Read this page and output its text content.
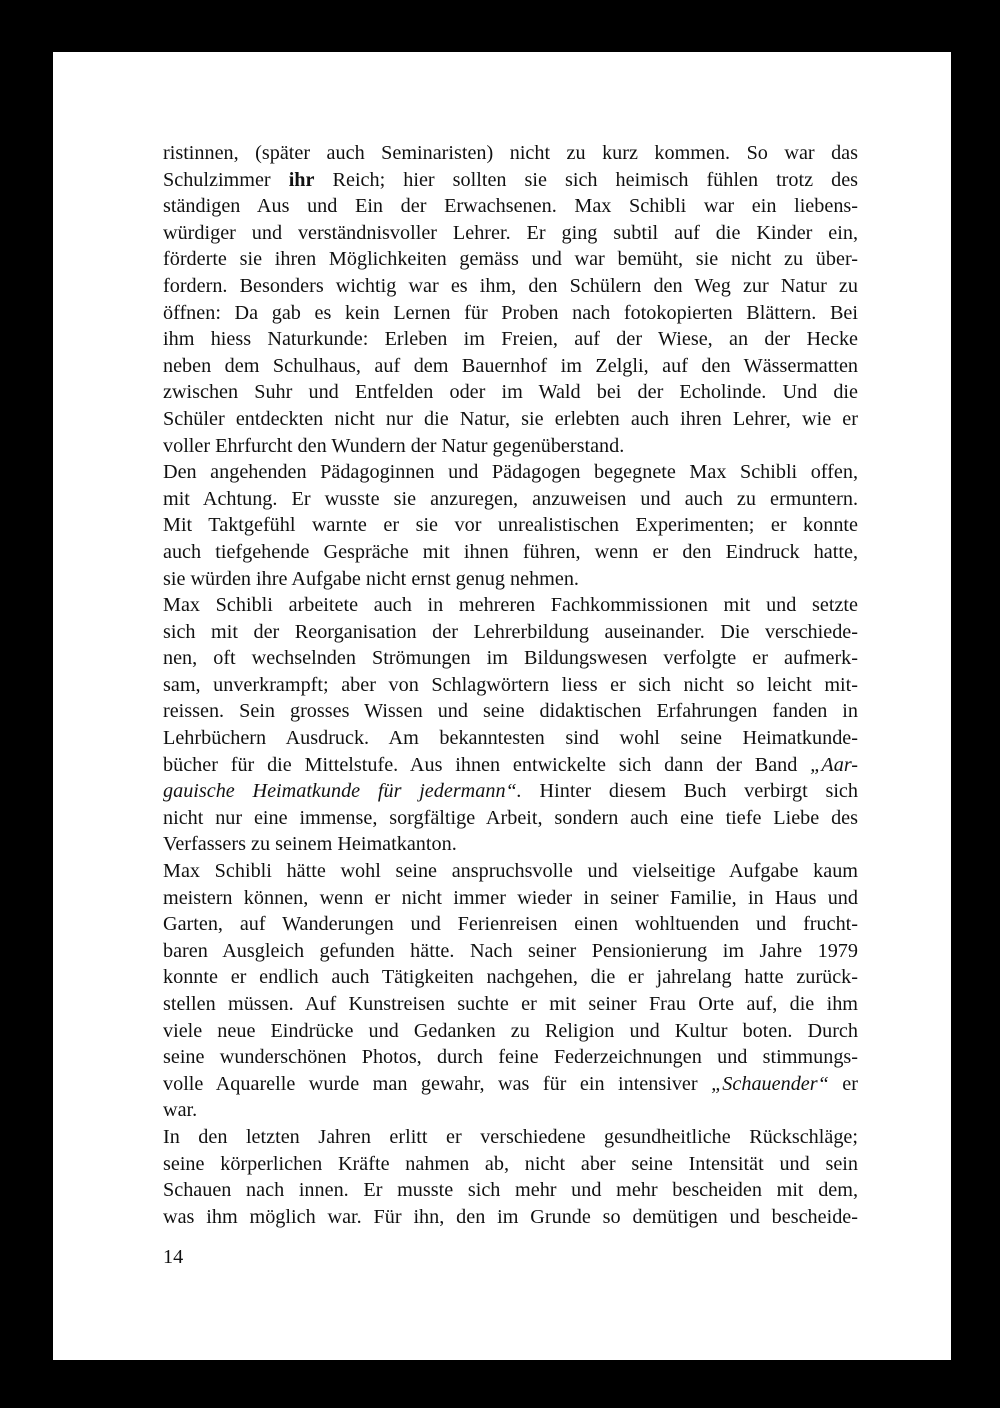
ristinnen, (später auch Seminaristen) nicht zu kurz kommen. So war das
Schulzimmer ihr Reich; hier sollten sie sich heimisch fühlen trotz des
ständigen Aus und Ein der Erwachsenen. Max Schibli war ein liebens-
würdiger und verständnisvoller Lehrer. Er ging subtil auf die Kinder ein,
förderte sie ihren Möglichkeiten gemäss und war bemüht, sie nicht zu über-
fordern. Besonders wichtig war es ihm, den Schülern den Weg zur Natur zu
öffnen: Da gab es kein Lernen für Proben nach fotokopierten Blättern. Bei
ihm hiess Naturkunde: Erleben im Freien, auf der Wiese, an der Hecke
neben dem Schulhaus, auf dem Bauernhof im Zelgli, auf den Wässermatten
zwischen Suhr und Entfelden oder im Wald bei der Echolinde. Und die
Schüler entdeckten nicht nur die Natur, sie erlebten auch ihren Lehrer, wie er
voller Ehrfurcht den Wundern der Natur gegenüberstand.
Den angehenden Pädagoginnen und Pädagogen begegnete Max Schibli offen,
mit Achtung. Er wusste sie anzuregen, anzuweisen und auch zu ermuntern.
Mit Taktgefühl warnte er sie vor unrealistischen Experimenten; er konnte
auch tiefgehende Gespräche mit ihnen führen, wenn er den Eindruck hatte,
sie würden ihre Aufgabe nicht ernst genug nehmen.
Max Schibli arbeitete auch in mehreren Fachkommissionen mit und setzte
sich mit der Reorganisation der Lehrerbildung auseinander. Die verschiede-
nen, oft wechselnden Strömungen im Bildungswesen verfolgte er aufmerk-
sam, unverkrampft; aber von Schlagwörtern liess er sich nicht so leicht mit-
reissen. Sein grosses Wissen und seine didaktischen Erfahrungen fanden in
Lehrbüchern Ausdruck. Am bekanntesten sind wohl seine Heimatkunde-
bücher für die Mittelstufe. Aus ihnen entwickelte sich dann der Band „Aar-
gauische Heimatkunde für jedermann“. Hinter diesem Buch verbirgt sich
nicht nur eine immense, sorgfältige Arbeit, sondern auch eine tiefe Liebe des
Verfassers zu seinem Heimatkanton.
Max Schibli hätte wohl seine anspruchsvolle und vielseitige Aufgabe kaum
meistern können, wenn er nicht immer wieder in seiner Familie, in Haus und
Garten, auf Wanderungen und Ferienreisen einen wohltuenden und frucht-
baren Ausgleich gefunden hätte. Nach seiner Pensionierung im Jahre 1979
konnte er endlich auch Tätigkeiten nachgehen, die er jahrelang hatte zurück-
stellen müssen. Auf Kunstreisen suchte er mit seiner Frau Orte auf, die ihm
viele neue Eindrücke und Gedanken zu Religion und Kultur boten. Durch
seine wunderschönen Photos, durch feine Federzeichnungen und stimmungs-
volle Aquarelle wurde man gewahr, was für ein intensiver „Schauender“ er
war.
In den letzten Jahren erlitt er verschiedene gesundheitliche Rückschläge;
seine körperlichen Kräfte nahmen ab, nicht aber seine Intensität und sein
Schauen nach innen. Er musste sich mehr und mehr bescheiden mit dem,
was ihm möglich war. Für ihn, den im Grunde so demütigen und bescheide-
14
